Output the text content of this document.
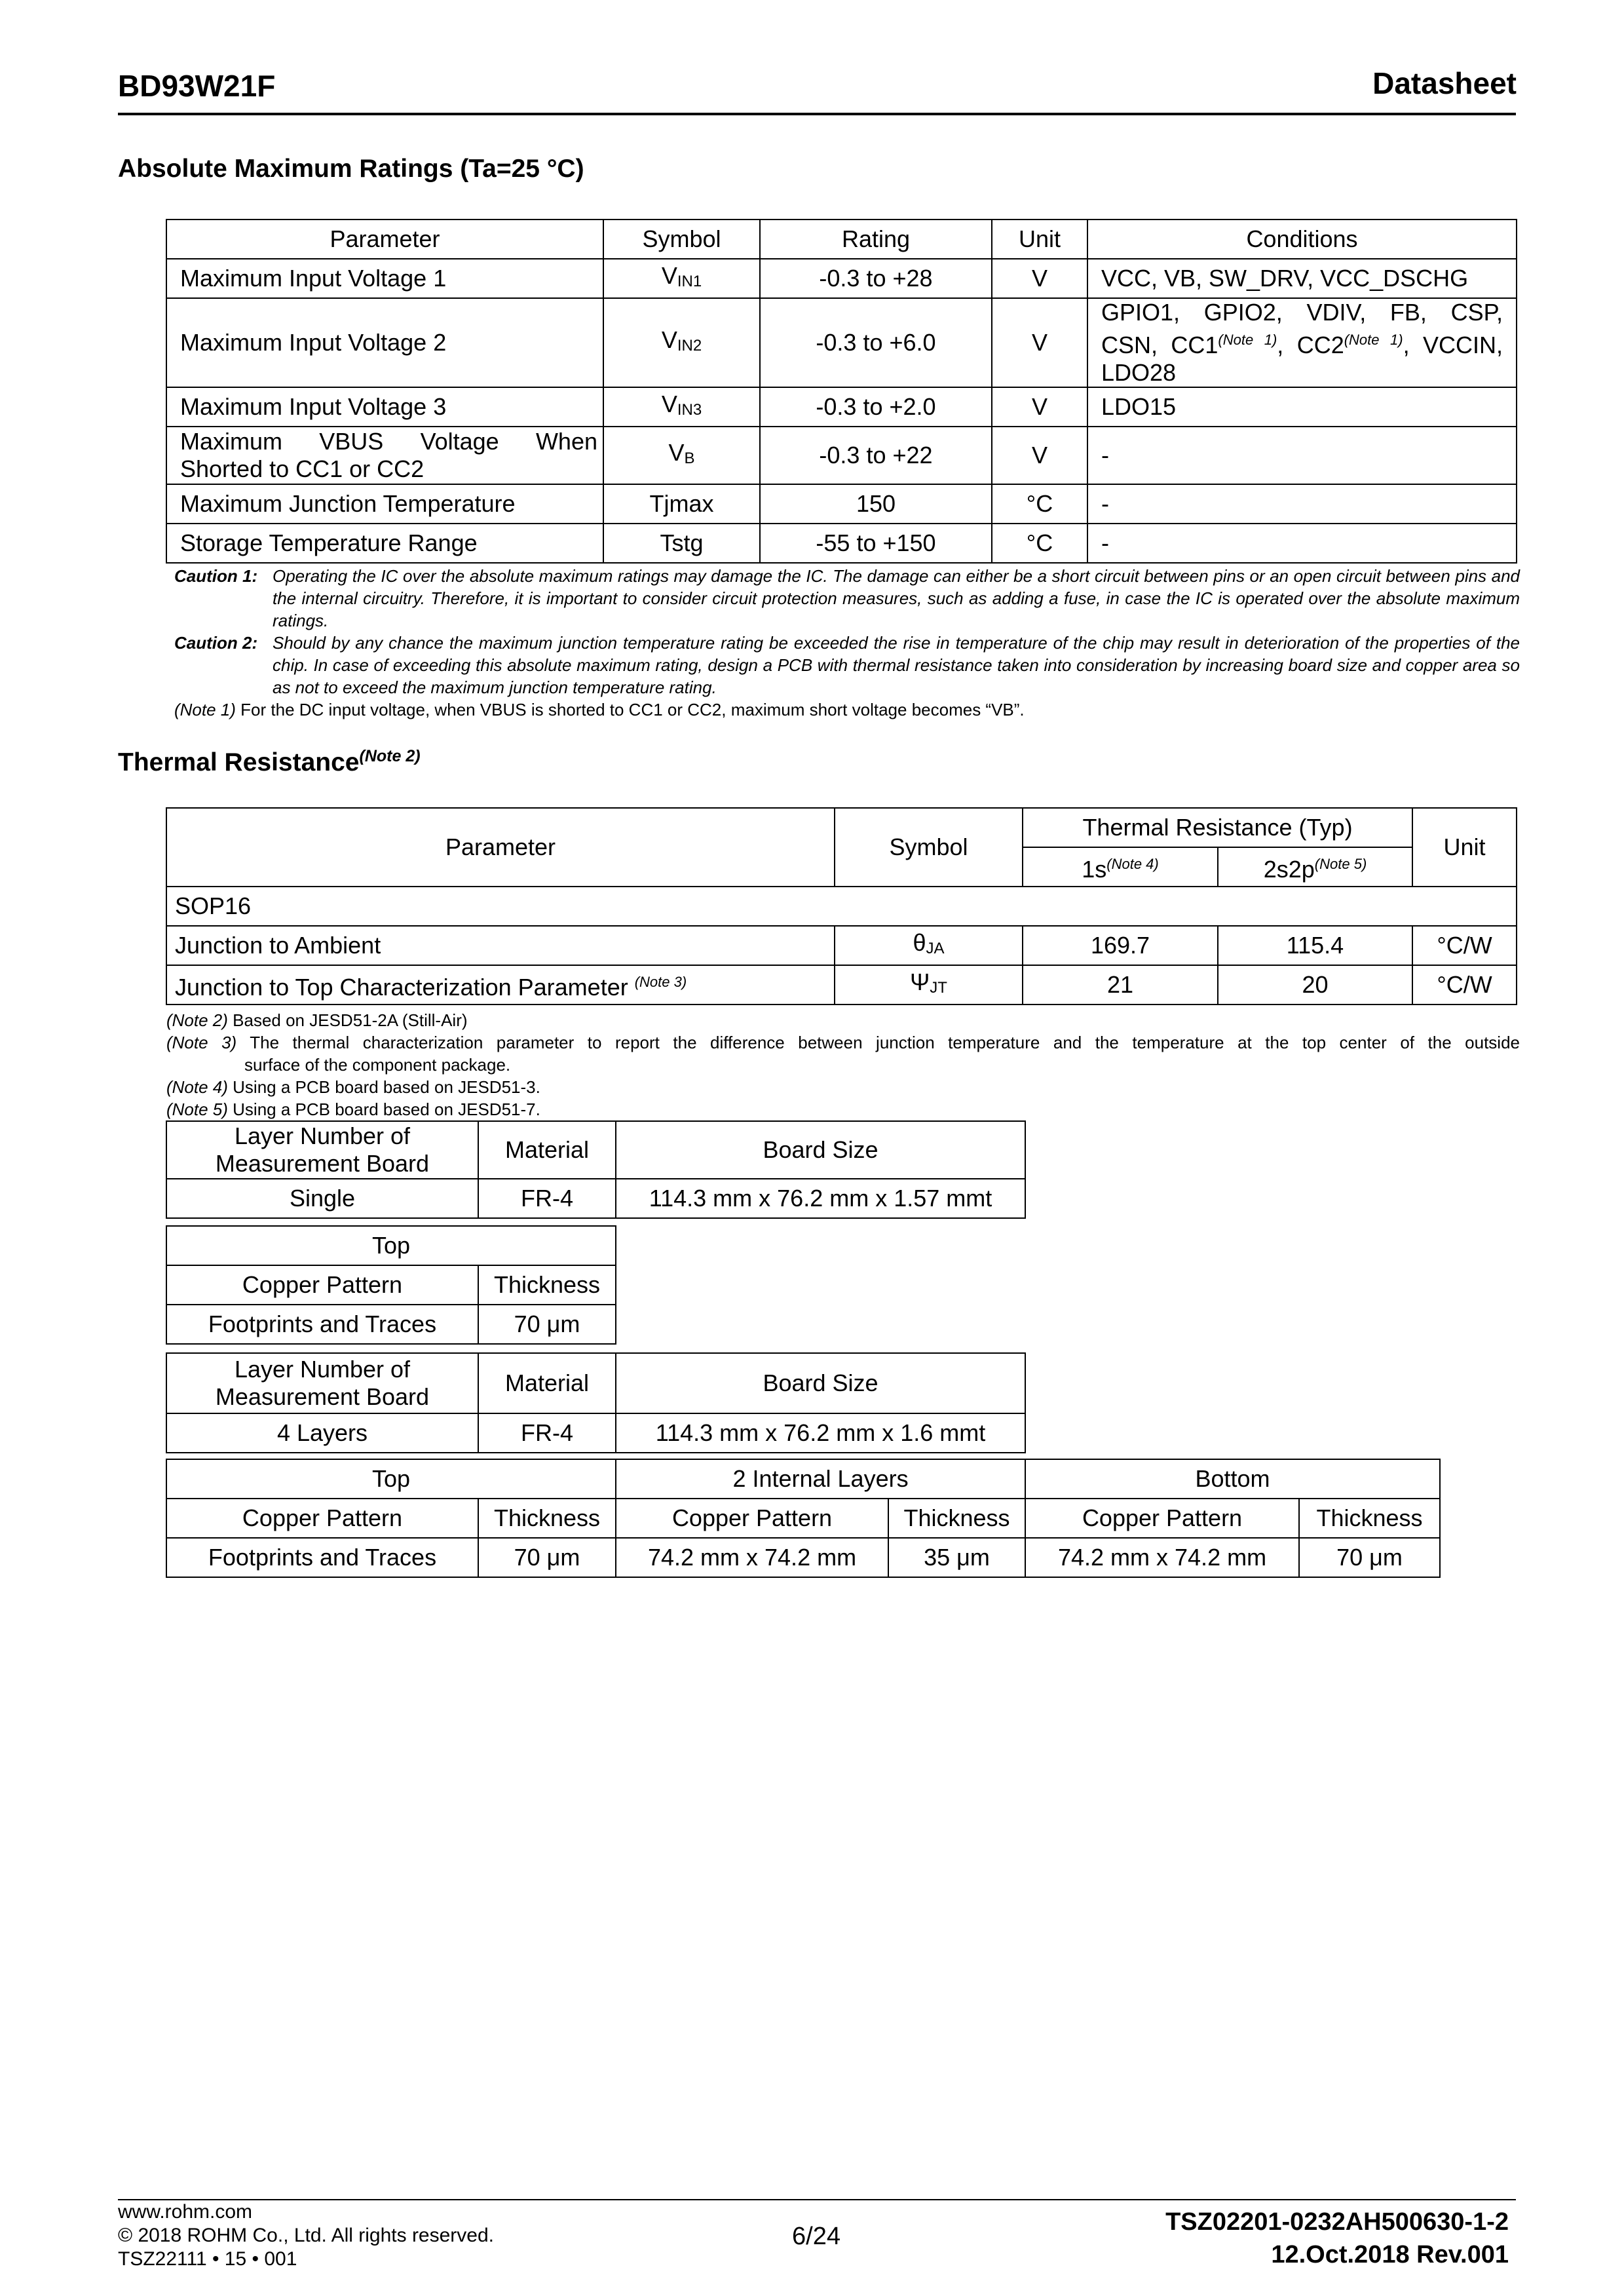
BD93W21F	Datasheet
Absolute Maximum Ratings (Ta=25 °C)
Parameter	Symbol	Rating	Unit	Conditions
Maximum Input Voltage 1	$V_{IN1}$	-0.3 to +28	V	VCC, VB, SW_DRV, VCC_DSCHG
Maximum Input Voltage 2	$V_{IN2}$	-0.3 to +6.0	V	GPIO1, GPIO2, VDIV, FB, CSP,
CSN, $CC1^{(Note 1)}$, $CC2^{(Note 1)}$, VCCIN,
LDO28

Maximum Input Voltage 3	$V_{IN3}$	-0.3 to +2.0	V	LDO15

Maximum VBUS Voltage When
Shorted to CC1 or CC2	$V_B$	-0.3 to +22	V	-
Maximum Junction Temperature	Tjmax	150	°C	-
Storage Temperature Range	Tstg	-55 to +150	°C	-
Caution 1: Operating the IC over the absolute maximum ratings may damage the IC. The damage can either be a short circuit between pins or an open circuit between pins and the internal circuitry. Therefore, it is important to consider circuit protection measures, such as adding a fuse, in case the IC is operated over the absolute maximum ratings.
Caution 2: Should by any chance the maximum junction temperature rating be exceeded the rise in temperature of the chip may result in deterioration of the properties of the chip. In case of exceeding this absolute maximum rating, design a PCB with thermal resistance taken into consideration by increasing board size and copper area so as not to exceed the maximum junction temperature rating.
(Note 1) For the DC input voltage, when VBUS is shorted to CC1 or CC2, maximum short voltage becomes “VB”.
Thermal Resistance$^{(Note 2)}$
Parameter	Symbol	Thermal Resistance (Typ)		Unit
		$1s^{(Note 4)}$	$2s2p^{(Note 5)}$
SOP16				
Junction to Ambient	$\theta_{JA}$	169.7	115.4	°C/W
Junction to Top Characterization Parameter $^{(Note 3)}$	$\Psi_{JT}$	21	20	°C/W
(Note 2) Based on JESD51-2A (Still-Air)
(Note 3) The thermal characterization parameter to report the difference between junction temperature and the temperature at the top center of the outside
surface of the component package.
(Note 4) Using a PCB board based on JESD51-3.
(Note 5) Using a PCB board based on JESD51-7.
Layer Number of
Measurement Board	Material	Board Size
Single	FR-4	114.3 mm x 76.2 mm x 1.57 mmt
Top	
Copper Pattern	Thickness
Footprints and Traces	70 μm
Layer Number of
Measurement Board	Material	Board Size
4 Layers	FR-4	114.3 mm x 76.2 mm x 1.6 mmt
Top		2 Internal Layers		Bottom	
Copper Pattern	Thickness	Copper Pattern	Thickness	Copper Pattern	Thickness
Footprints and Traces	70 μm	74.2 mm x 74.2 mm	35 μm	74.2 mm x 74.2 mm	70 μm
www.rohm.com
© 2018 ROHM Co., Ltd. All rights reserved.
TSZ22111 • 15 • 001
6/24
TSZ02201-0232AH500630-1-2
12.Oct.2018 Rev.001
